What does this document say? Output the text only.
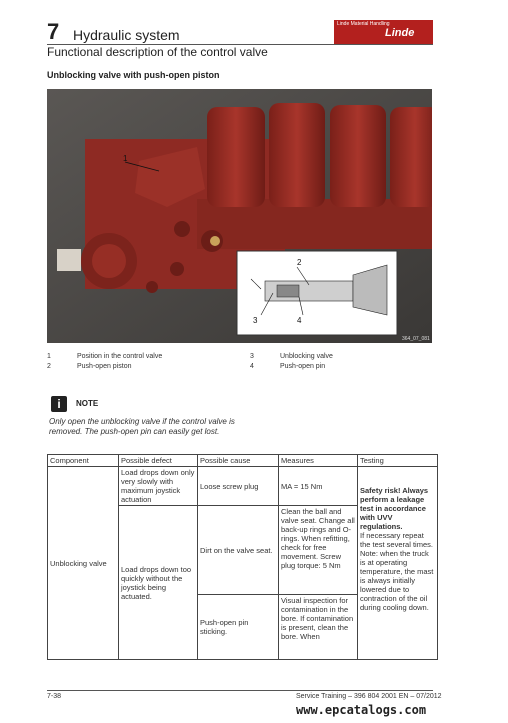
7 Hydraulic system
Linde Material Handling
Linde
Functional description of the control valve
Unblocking valve with push-open piston
1
2
3	4
364_07_081
1	Position in the control valve
2	Push-open piston
3	Unblocking valve
4	Push-open pin
i	NOTE
Only open the unblocking valve if the control valve is removed. The push-open pin can easily get lost.
Component	Possible defect	Possible cause	Measures	Testing
Unblocking valve	Load drops down only very slowly with maximum joystick actuation	Loose screw plug	MA = 15 Nm	Safety risk! Always perform a leakage test in accordance with UVV regulations.
If necessary repeat the test several times. Note: when the truck is at operating temperature, the mast is always initially lowered due to contraction of the oil during cooling down.

	Load drops down too quickly without the joystick being actuated.	Dirt on the valve seat.	Clean the ball and valve seat. Change all back-up rings and O-rings. When refitting, check for free movement. Screw plug torque: 5 Nm	
		Push-open pin sticking.	Visual inspection for contamination in the bore. If contamination is present, clean the bore. When	
7-38	Service Training – 396 804 2001 EN – 07/2012
www.epcatalogs.com
